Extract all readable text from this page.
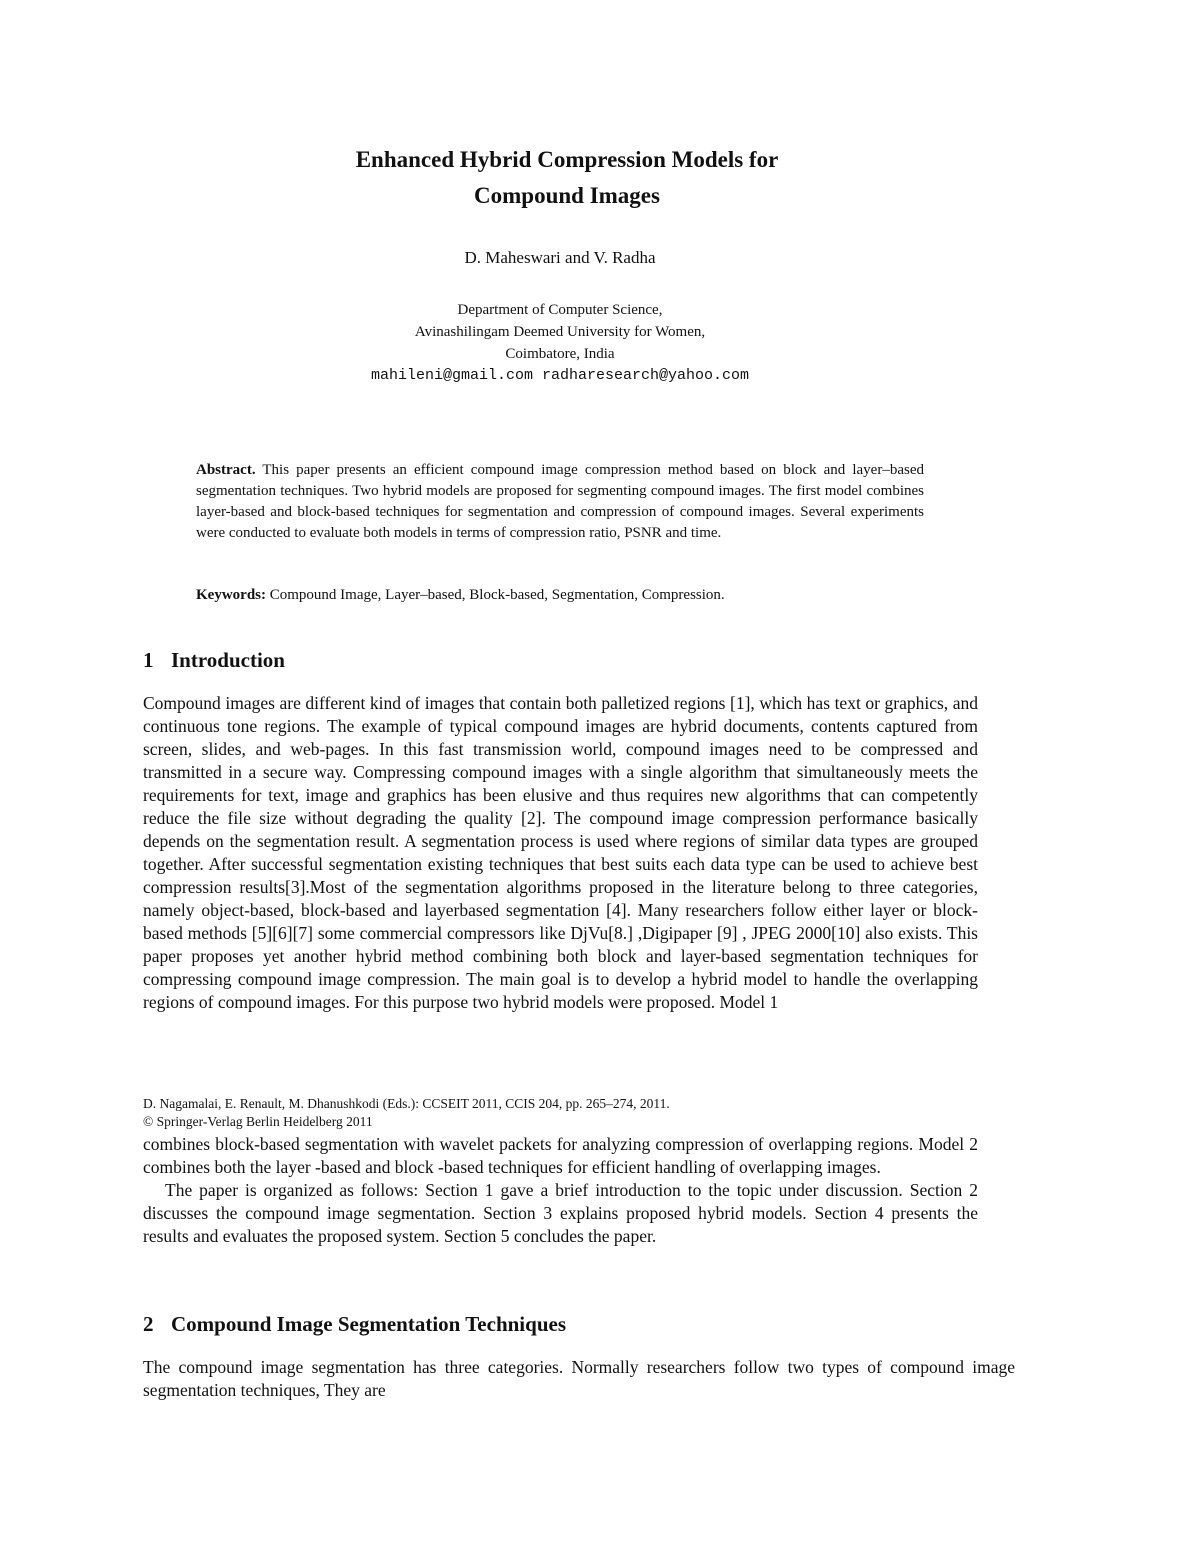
Enhanced Hybrid Compression Models for
Compound Images
D. Maheswari and V. Radha
Department of Computer Science,
Avinashilingam Deemed University for Women,
Coimbatore, India
mahileni@gmail.com radharesearch@yahoo.com
Abstract. This paper presents an efficient compound image compression method based on block and layer–based segmentation techniques. Two hybrid models are proposed for segmenting compound images. The first model combines layer-based and block-based techniques for segmentation and compression of compound images. Several experiments were conducted to evaluate both models in terms of compression ratio, PSNR and time.
Keywords: Compound Image, Layer–based, Block-based, Segmentation, Compression.
1 Introduction

Compound images are different kind of images that contain both palletized regions [1], which has text or graphics, and continuous tone regions. The example of typical compound images are hybrid documents, contents captured from screen, slides, and web-pages. In this fast transmission world, compound images need to be compressed and transmitted in a secure way. Compressing compound images with a single algorithm that simultaneously meets the requirements for text, image and graphics has been elusive and thus requires new algorithms that can competently reduce the file size without degrading the quality [2]. The compound image compression performance basically depends on the segmentation result. A segmentation process is used where regions of similar data types are grouped together. After successful segmentation existing techniques that best suits each data type can be used to achieve best compression results[3].Most of the segmentation algorithms proposed in the literature belong to three categories, namely object-based, block-based and layerbased segmentation [4]. Many researchers follow either layer or block-based methods [5][6][7] some commercial compressors like DjVu[8.] ,Digipaper [9] , JPEG 2000[10] also exists. This paper proposes yet another hybrid method combining both block and layer-based segmentation techniques for compressing compound image compression. The main goal is to develop a hybrid model to handle the overlapping regions of compound images. For this purpose two hybrid models were proposed. Model 1

D. Nagamalai, E. Renault, M. Dhanushkodi (Eds.): CCSEIT 2011, CCIS 204, pp. 265–274, 2011.
© Springer-Verlag Berlin Heidelberg 2011

combines block-based segmentation with wavelet packets for analyzing compression of overlapping regions. Model 2 combines both the layer -based and block -based techniques for efficient handling of overlapping images.

The paper is organized as follows: Section 1 gave a brief introduction to the topic under discussion. Section 2 discusses the compound image segmentation. Section 3 explains proposed hybrid models. Section 4 presents the results and evaluates the proposed system. Section 5 concludes the paper.

2 Compound Image Segmentation Techniques

The compound image segmentation has three categories. Normally researchers follow two types of compound image segmentation techniques, They are
